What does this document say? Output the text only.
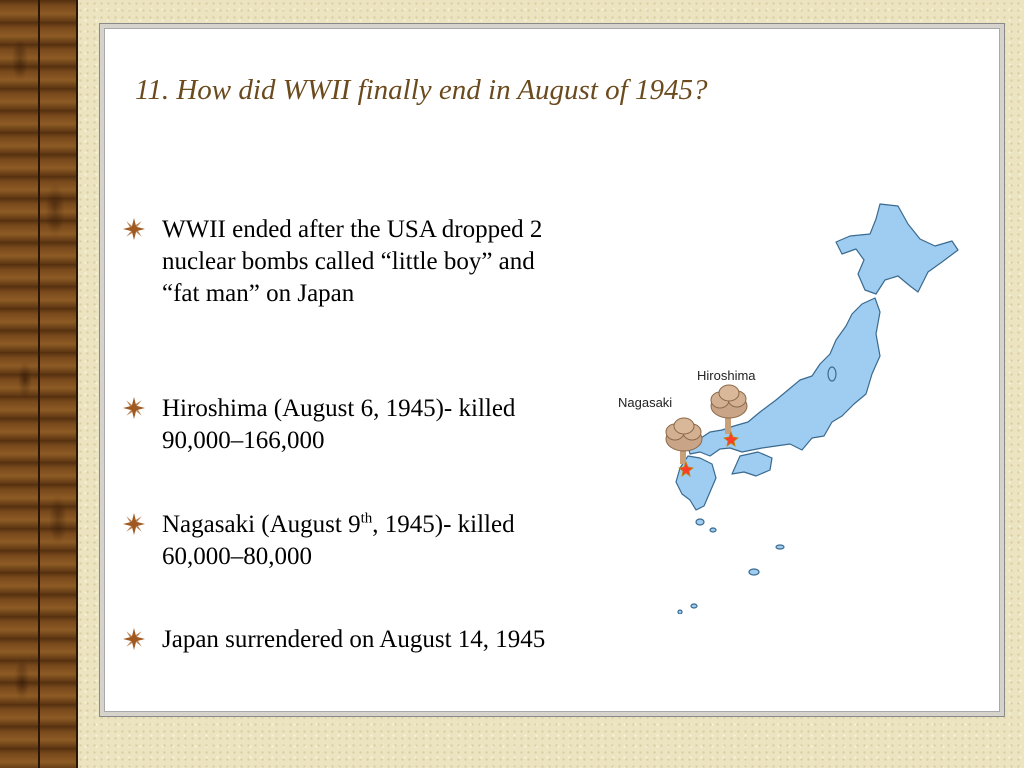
11. How did WWII finally end in August of 1945?
WWII ended after the USA dropped 2 nuclear bombs called “little boy” and “fat man” on Japan
Hiroshima (August 6, 1945)- killed 90,000–166,000
Nagasaki (August 9th, 1945)- killed 60,000–80,000
Japan surrendered on August 14, 1945
Hiroshima
Nagasaki
